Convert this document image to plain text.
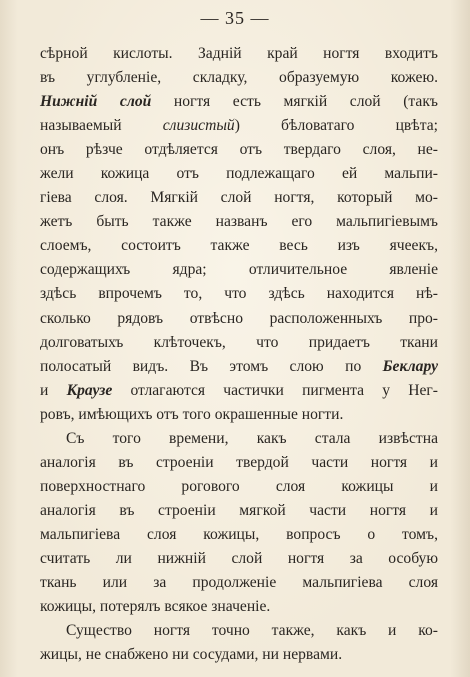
— 35 —
сѣрной кислоты. Задній край ногтя входитъ
въ углубленіе, складку, образуемую кожею.
Нижній слой ногтя есть мягкій слой (такъ
называемый слизистый) бѣловатаго цвѣта;
онъ рѣзче отдѣляется отъ твердаго слоя, не-
жели кожица отъ подлежащаго ей мальпи-
гіева слоя. Мягкій слой ногтя, который мо-
жетъ быть также названъ его мальпигіевымъ
слоемъ, состоитъ также весь изъ ячеекъ,
содержащихъ ядра; отличительное явленіе
здѣсь впрочемъ то, что здѣсь находится нѣ-
сколько рядовъ отвѣсно расположенныхъ про-
долговатыхъ клѣточекъ, что придаетъ ткани
полосатый видъ. Въ этомъ слою по Беклару
и Краузе отлагаются частички пигмента у Нег-
ровъ, имѣющихъ отъ того окрашенные ногти.
Съ того времени, какъ стала извѣстна
аналогія въ строеніи твердой части ногтя и
поверхностнаго рогового слоя кожицы и
аналогія въ строеніи мягкой части ногтя и
мальпигіева слоя кожицы, вопросъ о томъ,
считать ли нижній слой ногтя за особую
ткань или за продолженіе мальпигіева слоя
кожицы, потерялъ всякое значеніе.
Существо ногтя точно также, какъ и ко-
жицы, не снабжено ни сосудами, ни нервами.
